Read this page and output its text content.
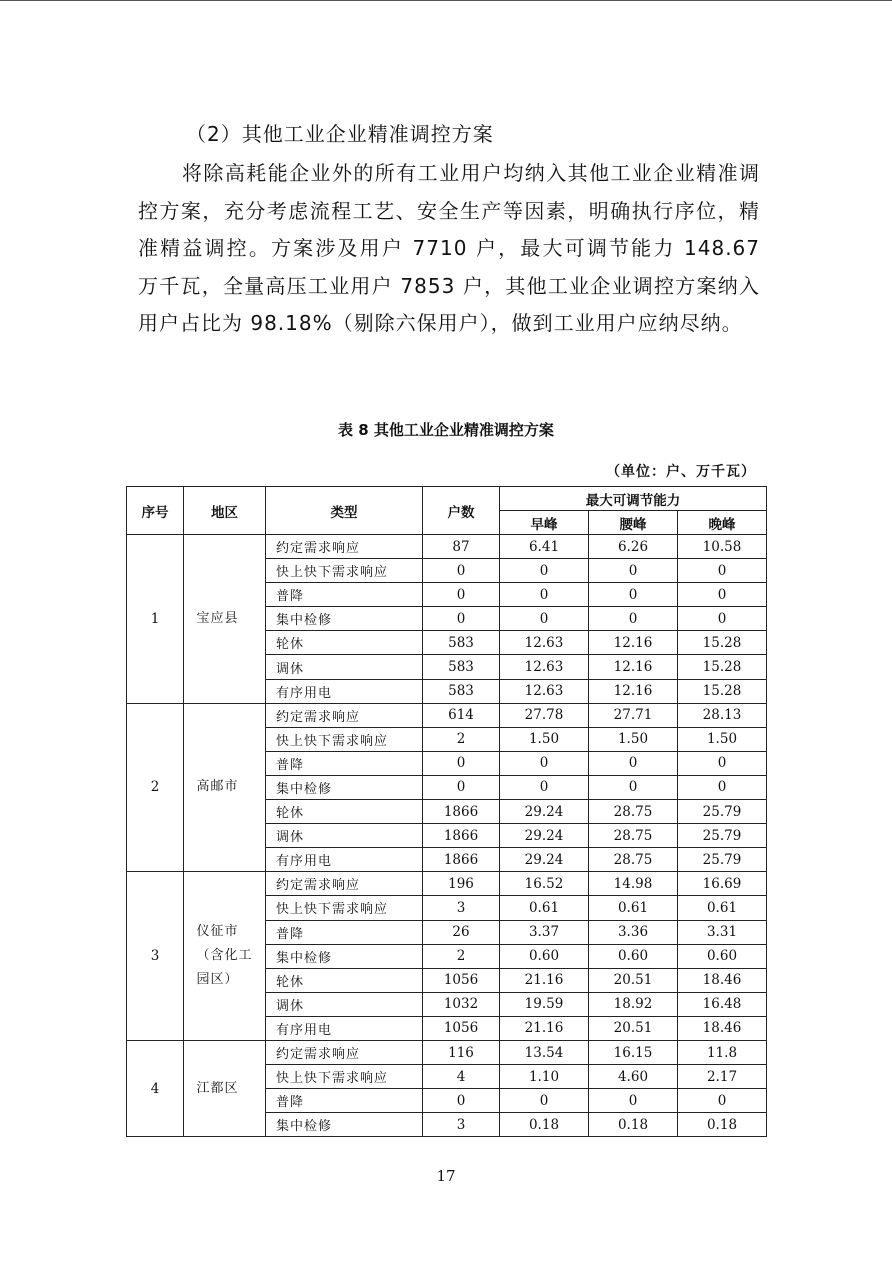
（2）其他工业企业精准调控方案
将除高耗能企业外的所有工业用户均纳入其他工业企业精准调控方案，充分考虑流程工艺、安全生产等因素，明确执行序位，精准精益调控。方案涉及用户 7710 户，最大可调节能力 148.67 万千瓦，全量高压工业用户 7853 户，其他工业企业调控方案纳入用户占比为 98.18%（剔除六保用户），做到工业用户应纳尽纳。
表 8 其他工业企业精准调控方案
（单位：户、万千瓦）
序号	地区	类型	户数	最大可调节能力		
				早峰	腰峰	晚峰
1	宝应县	约定需求响应	87	6.41	6.26	10.58
		快上快下需求响应	0	0	0	0
		普降	0	0	0	0
		集中检修	0	0	0	0
		轮休	583	12.63	12.16	15.28
		调休	583	12.63	12.16	15.28
		有序用电	583	12.63	12.16	15.28
2	高邮市	约定需求响应	614	27.78	27.71	28.13
		快上快下需求响应	2	1.50	1.50	1.50
		普降	0	0	0	0
		集中检修	0	0	0	0
		轮休	1866	29.24	28.75	25.79
		调休	1866	29.24	28.75	25.79
		有序用电	1866	29.24	28.75	25.79
3	仪征市（含化工园区）	约定需求响应	196	16.52	14.98	16.69
		快上快下需求响应	3	0.61	0.61	0.61
		普降	26	3.37	3.36	3.31
		集中检修	2	0.60	0.60	0.60
		轮休	1056	21.16	20.51	18.46
		调休	1032	19.59	18.92	16.48
		有序用电	1056	21.16	20.51	18.46
4	江都区	约定需求响应	116	13.54	16.15	11.8
		快上快下需求响应	4	1.10	4.60	2.17
		普降	0	0	0	0
		集中检修	3	0.18	0.18	0.18
17
